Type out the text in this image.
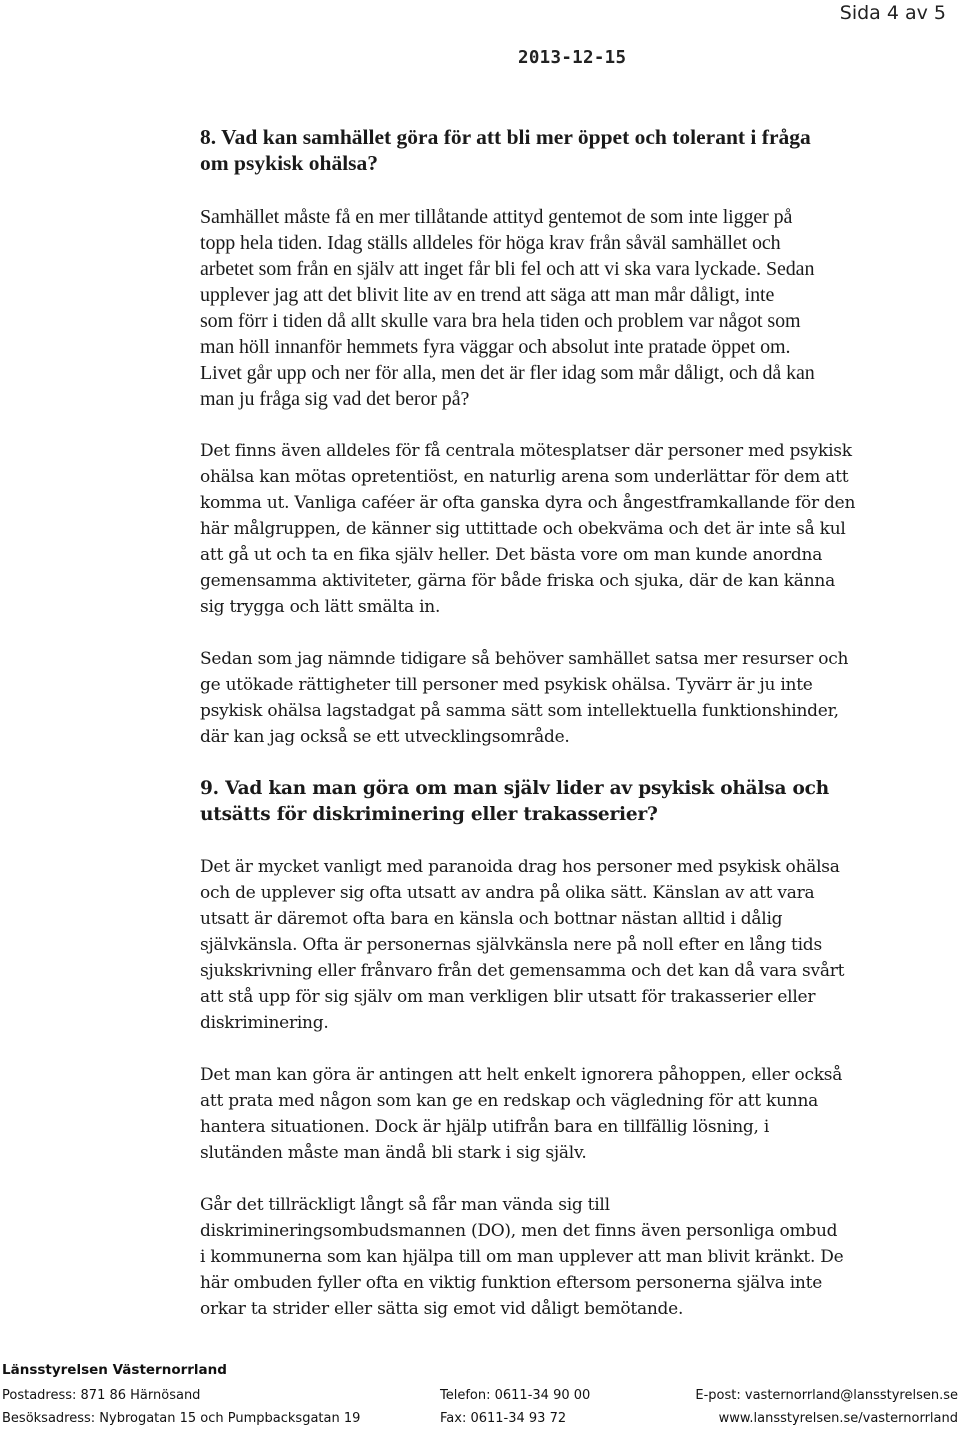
Sida 4 av 5
2013-12-15
8. Vad kan samhället göra för att bli mer öppet och tolerant i fråga
om psykisk ohälsa?
Samhället måste få en mer tillåtande attityd gentemot de som inte ligger på
topp hela tiden. Idag ställs alldeles för höga krav från såväl samhället och
arbetet som från en själv att inget får bli fel och att vi ska vara lyckade. Sedan
upplever jag att det blivit lite av en trend att säga att man mår dåligt, inte
som förr i tiden då allt skulle vara bra hela tiden och problem var något som
man höll innanför hemmets fyra väggar och absolut inte pratade öppet om.
Livet går upp och ner för alla, men det är fler idag som mår dåligt, och då kan
man ju fråga sig vad det beror på?
Det finns även alldeles för få centrala mötesplatser där personer med psykisk
ohälsa kan mötas opretentiöst, en naturlig arena som underlättar för dem att
komma ut. Vanliga caféer är ofta ganska dyra och ångestframkallande för den
här målgruppen, de känner sig uttittade och obekväma och det är inte så kul
att gå ut och ta en fika själv heller. Det bästa vore om man kunde anordna
gemensamma aktiviteter, gärna för både friska och sjuka, där de kan känna
sig trygga och lätt smälta in.
Sedan som jag nämnde tidigare så behöver samhället satsa mer resurser och
ge utökade rättigheter till personer med psykisk ohälsa. Tyvärr är ju inte
psykisk ohälsa lagstadgat på samma sätt som intellektuella funktionshinder,
där kan jag också se ett utvecklingsområde.
9. Vad kan man göra om man själv lider av psykisk ohälsa och
utsätts för diskriminering eller trakasserier?
Det är mycket vanligt med paranoida drag hos personer med psykisk ohälsa
och de upplever sig ofta utsatt av andra på olika sätt. Känslan av att vara
utsatt är däremot ofta bara en känsla och bottnar nästan alltid i dålig
självkänsla. Ofta är personernas självkänsla nere på noll efter en lång tids
sjukskrivning eller frånvaro från det gemensamma och det kan då vara svårt
att stå upp för sig själv om man verkligen blir utsatt för trakasserier eller
diskriminering.
Det man kan göra är antingen att helt enkelt ignorera påhoppen, eller också
att prata med någon som kan ge en redskap och vägledning för att kunna
hantera situationen. Dock är hjälp utifrån bara en tillfällig lösning, i
slutänden måste man ändå bli stark i sig själv.
Går det tillräckligt långt så får man vända sig till
diskrimineringsombudsmannen (DO), men det finns även personliga ombud
i kommunerna som kan hjälpa till om man upplever att man blivit kränkt. De
här ombuden fyller ofta en viktig funktion eftersom personerna själva inte
orkar ta strider eller sätta sig emot vid dåligt bemötande.
Länsstyrelsen Västernorrland
Postadress: 871 86 Härnösand	Telefon: 0611-34 90 00	E-post: vasternorrland@lansstyrelsen.se
Besöksadress: Nybrogatan 15 och Pumpbacksgatan 19	Fax: 0611-34 93 72	www.lansstyrelsen.se/vasternorrland
